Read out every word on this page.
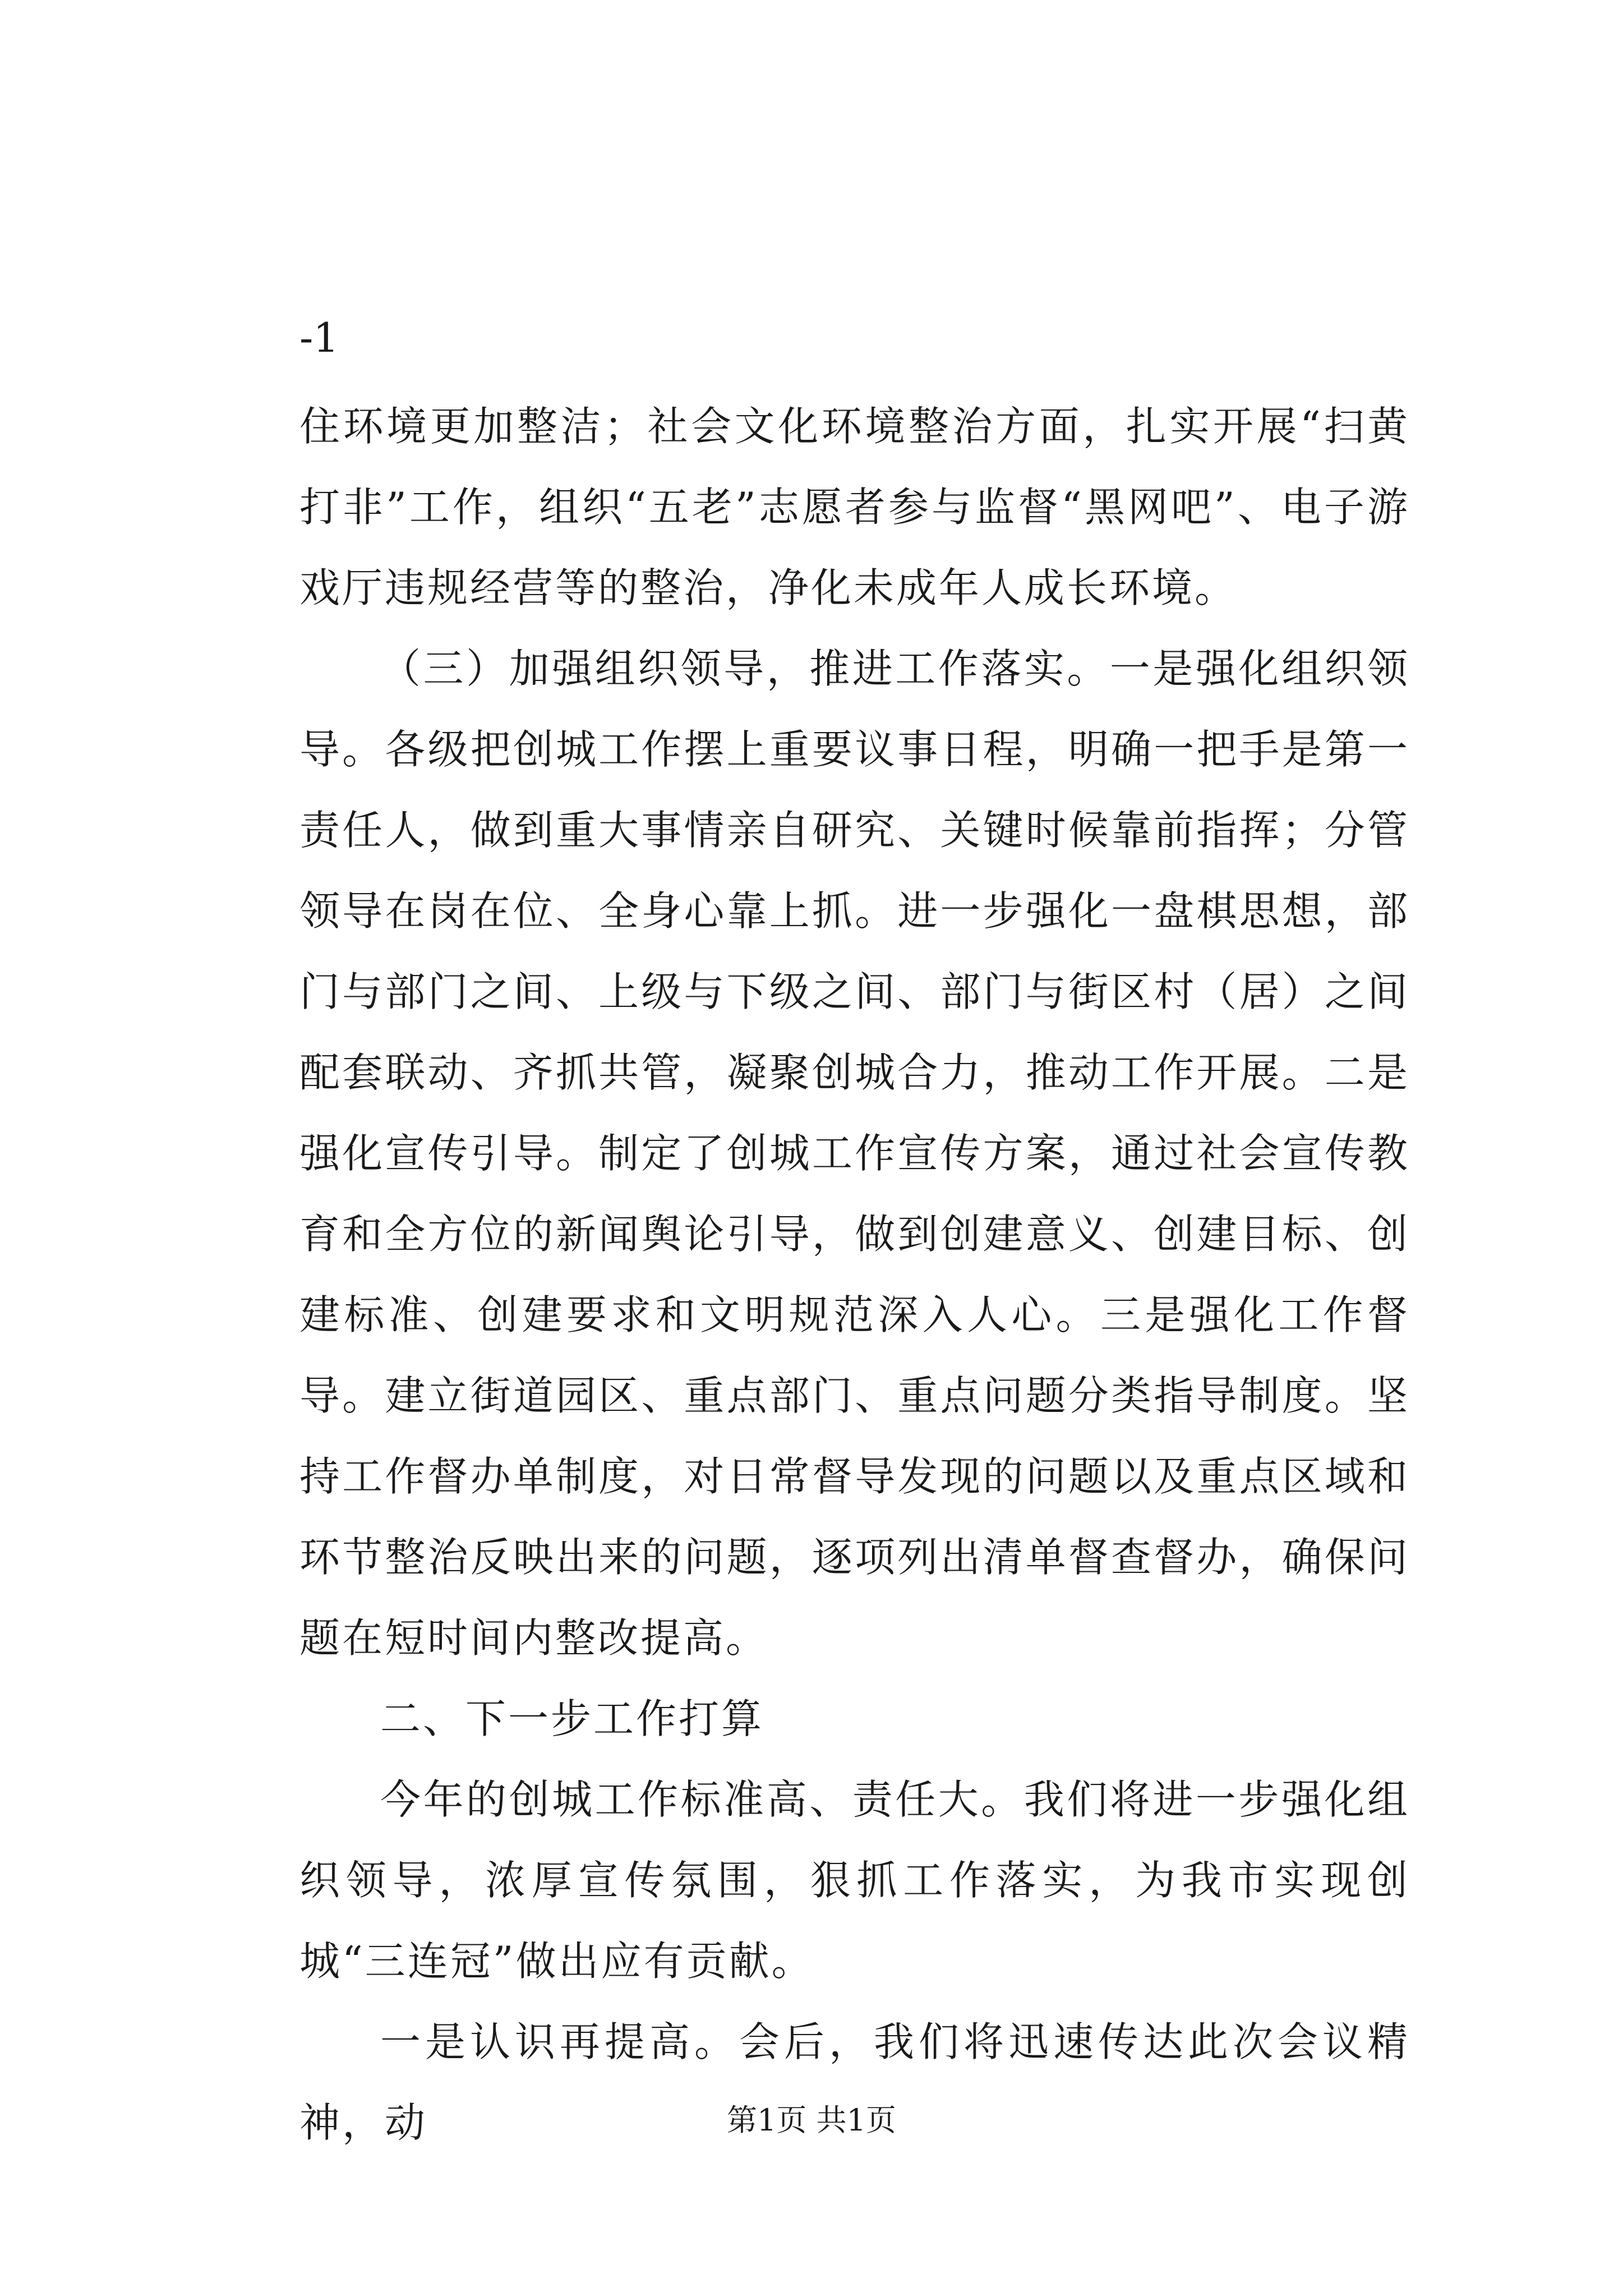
-1

住环境更加整洁；社会文化环境整治方面，扎实开展“扫黄打非”工作，组织“五老”志愿者参与监督“黑网吧”、电子游戏厅违规经营等的整治，净化未成年人成长环境。

（三）加强组织领导，推进工作落实。一是强化组织领导。各级把创城工作摆上重要议事日程，明确一把手是第一责任人，做到重大事情亲自研究、关键时候靠前指挥；分管领导在岗在位、全身心靠上抓。进一步强化一盘棋思想，部门与部门之间、上级与下级之间、部门与街区村（居）之间配套联动、齐抓共管，凝聚创城合力，推动工作开展。二是强化宣传引导。制定了创城工作宣传方案，通过社会宣传教育和全方位的新闻舆论引导，做到创建意义、创建目标、创建标准、创建要求和文明规范深入人心。三是强化工作督导。建立街道园区、重点部门、重点问题分类指导制度。坚持工作督办单制度，对日常督导发现的问题以及重点区域和环节整治反映出来的问题，逐项列出清单督查督办，确保问题在短时间内整改提高。

二、下一步工作打算

今年的创城工作标准高、责任大。我们将进一步强化组织领导，浓厚宣传氛围，狠抓工作落实，为我市实现创城“三连冠”做出应有贡献。

一是认识再提高。会后，我们将迅速传达此次会议精神，动	第1页 共1页
